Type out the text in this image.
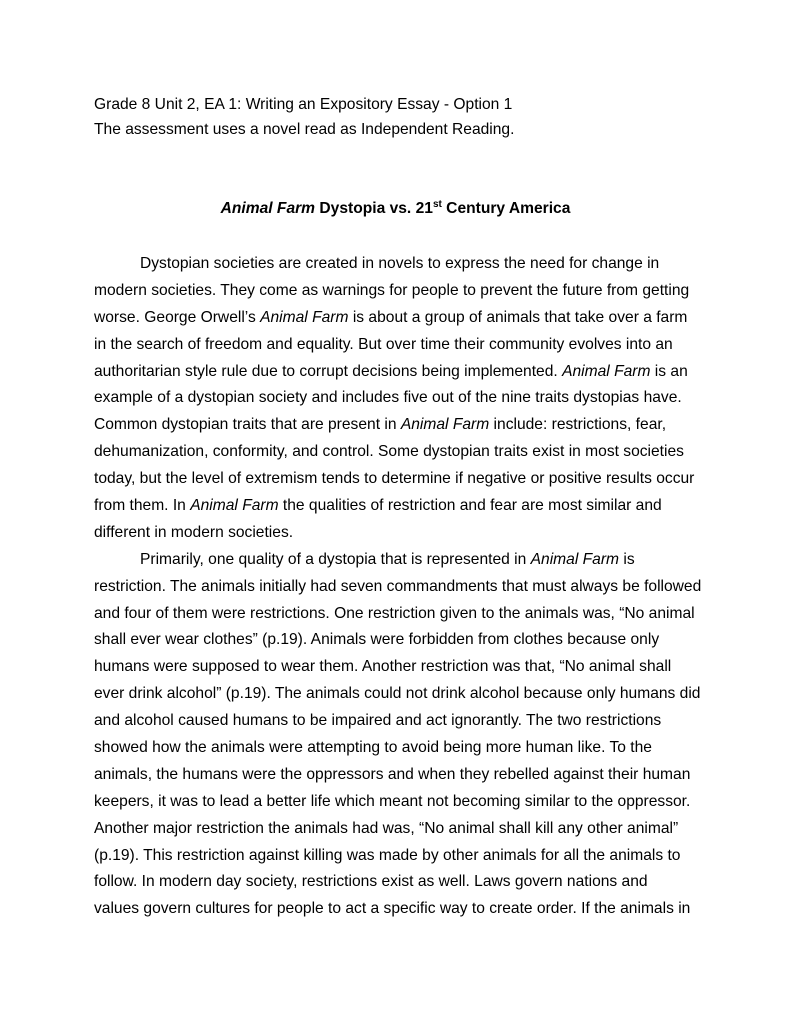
Grade 8 Unit 2, EA 1: Writing an Expository Essay - Option 1
The assessment uses a novel read as Independent Reading.
Animal Farm Dystopia vs. 21st Century America
Dystopian societies are created in novels to express the need for change in
modern societies. They come as warnings for people to prevent the future from getting
worse. George Orwell’s Animal Farm is about a group of animals that take over a farm
in the search of freedom and equality. But over time their community evolves into an
authoritarian style rule due to corrupt decisions being implemented. Animal Farm is an
example of a dystopian society and includes five out of the nine traits dystopias have.
Common dystopian traits that are present in Animal Farm include: restrictions, fear,
dehumanization, conformity, and control. Some dystopian traits exist in most societies
today, but the level of extremism tends to determine if negative or positive results occur
from them. In Animal Farm the qualities of restriction and fear are most similar and
different in modern societies.
Primarily, one quality of a dystopia that is represented in Animal Farm is
restriction. The animals initially had seven commandments that must always be followed
and four of them were restrictions. One restriction given to the animals was, “No animal
shall ever wear clothes” (p.19). Animals were forbidden from clothes because only
humans were supposed to wear them. Another restriction was that, “No animal shall
ever drink alcohol” (p.19). The animals could not drink alcohol because only humans did
and alcohol caused humans to be impaired and act ignorantly. The two restrictions
showed how the animals were attempting to avoid being more human like. To the
animals, the humans were the oppressors and when they rebelled against their human
keepers, it was to lead a better life which meant not becoming similar to the oppressor.
Another major restriction the animals had was, “No animal shall kill any other animal”
(p.19). This restriction against killing was made by other animals for all the animals to
follow. In modern day society, restrictions exist as well. Laws govern nations and
values govern cultures for people to act a specific way to create order. If the animals in
